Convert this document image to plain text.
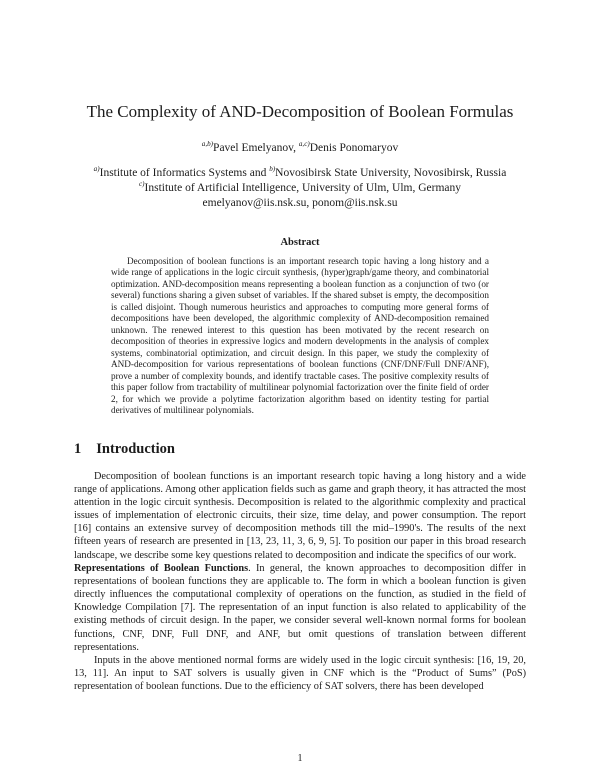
The Complexity of AND-Decomposition of Boolean Formulas
$^{a,b)}$Pavel Emelyanov, $^{a,c)}$Denis Ponomaryov
$^{a)}$Institute of Informatics Systems and $^{b)}$Novosibirsk State University, Novosibirsk, Russia
$^{c)}$Institute of Artificial Intelligence, University of Ulm, Ulm, Germany
emelyanov@iis.nsk.su, ponom@iis.nsk.su
Abstract
Decomposition of boolean functions is an important research topic having a long history and a wide range of applications in the logic circuit synthesis, (hyper)graph/game theory, and combinatorial optimization. AND-decomposition means representing a boolean function as a conjunction of two (or several) functions sharing a given subset of variables. If the shared subset is empty, the decomposition is called disjoint. Though numerous heuristics and approaches to computing more general forms of decompositions have been developed, the algorithmic complexity of AND-decomposition remained unknown. The renewed interest to this question has been motivated by the recent research on decomposition of theories in expressive logics and modern developments in the analysis of complex systems, combinatorial optimization, and circuit design. In this paper, we study the complexity of AND-decomposition for various representations of boolean functions (CNF/DNF/Full DNF/ANF), prove a number of complexity bounds, and identify tractable cases. The positive complexity results of this paper follow from tractability of multilinear polynomial factorization over the finite field of order 2, for which we provide a polytime factorization algorithm based on identity testing for partial derivatives of multilinear polynomials.
1 Introduction

Decomposition of boolean functions is an important research topic having a long history and a wide range of applications. Among other application fields such as game and graph theory, it has attracted the most attention in the logic circuit synthesis. Decomposition is related to the algorithmic complexity and practical issues of implementation of electronic circuits, their size, time delay, and power consumption. The report [16] contains an extensive survey of decomposition methods till the mid–1990's. The results of the next fifteen years of research are presented in [13, 23, 11, 3, 6, 9, 5]. To position our paper in this broad research landscape, we describe some key questions related to decomposition and indicate the specifics of our work.

Representations of Boolean Functions. In general, the known approaches to decomposition differ in representations of boolean functions they are applicable to. The form in which a boolean function is given directly influences the computational complexity of operations on the function, as studied in the field of Knowledge Compilation [7]. The representation of an input function is also related to applicability of the existing methods of circuit design. In the paper, we consider several well-known normal forms for boolean functions, CNF, DNF, Full DNF, and ANF, but omit questions of translation between different representations.

Inputs in the above mentioned normal forms are widely used in the logic circuit synthesis: [16, 19, 20, 13, 11]. An input to SAT solvers is usually given in CNF which is the “Product of Sums” (PoS) representation of boolean functions. Due to the efficiency of SAT solvers, there has been developed

1
